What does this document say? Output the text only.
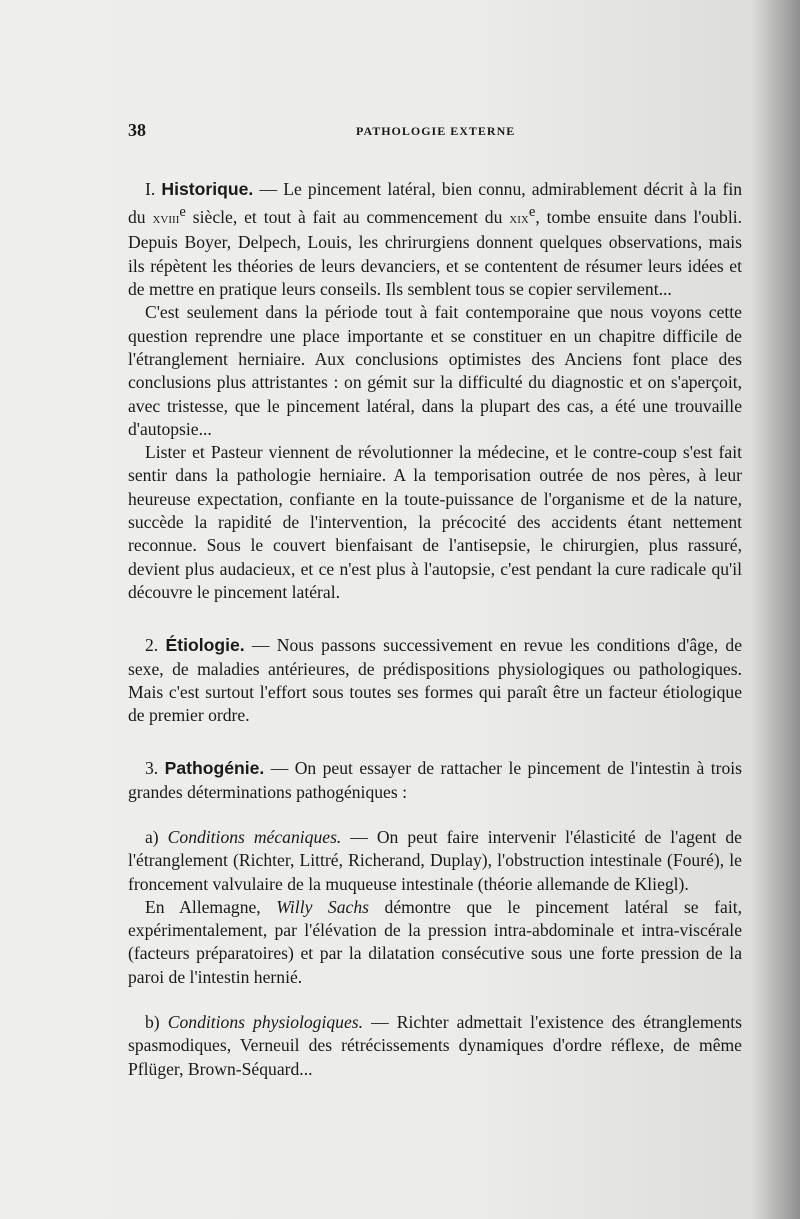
38	PATHOLOGIE EXTERNE

I. Historique. — Le pincement latéral, bien connu, admirablement décrit à la fin du xviii$^e$ siècle, et tout à fait au commencement du xix$^e$, tombe ensuite dans l'oubli. Depuis Boyer, Delpech, Louis, les chrirurgiens donnent quelques observations, mais ils répètent les théories de leurs devanciers, et se contentent de résumer leurs idées et de mettre en pratique leurs conseils. Ils semblent tous se copier servilement...

C'est seulement dans la période tout à fait contemporaine que nous voyons cette question reprendre une place importante et se constituer en un chapitre difficile de l'étranglement herniaire. Aux conclusions optimistes des Anciens font place des conclusions plus attristantes : on gémit sur la difficulté du diagnostic et on s'aperçoit, avec tristesse, que le pincement latéral, dans la plupart des cas, a été une trouvaille d'autopsie...

Lister et Pasteur viennent de révolutionner la médecine, et le contre-coup s'est fait sentir dans la pathologie herniaire. A la temporisation outrée de nos pères, à leur heureuse expectation, confiante en la toute-puissance de l'organisme et de la nature, succède la rapidité de l'intervention, la précocité des accidents étant nettement reconnue. Sous le couvert bienfaisant de l'antisepsie, le chirurgien, plus rassuré, devient plus audacieux, et ce n'est plus à l'autopsie, c'est pendant la cure radicale qu'il découvre le pincement latéral.

2. Étiologie. — Nous passons successivement en revue les conditions d'âge, de sexe, de maladies antérieures, de prédispositions physiologiques ou pathologiques. Mais c'est surtout l'effort sous toutes ses formes qui paraît être un facteur étiologique de premier ordre.

3. Pathogénie. — On peut essayer de rattacher le pincement de l'intestin à trois grandes déterminations pathogéniques :

a) Conditions mécaniques. — On peut faire intervenir l'élasticité de l'agent de l'étranglement (Richter, Littré, Richerand, Duplay), l'obstruction intestinale (Fouré), le froncement valvulaire de la muqueuse intestinale (théorie allemande de Kliegl).

En Allemagne, Willy Sachs démontre que le pincement latéral se fait, expérimentalement, par l'élévation de la pression intra-abdominale et intra-viscérale (facteurs préparatoires) et par la dilatation consécutive sous une forte pression de la paroi de l'intestin hernié.

b) Conditions physiologiques. — Richter admettait l'existence des étranglements spasmodiques, Verneuil des rétrécissements dynamiques d'ordre réflexe, de même Pflüger, Brown-Séquard...
